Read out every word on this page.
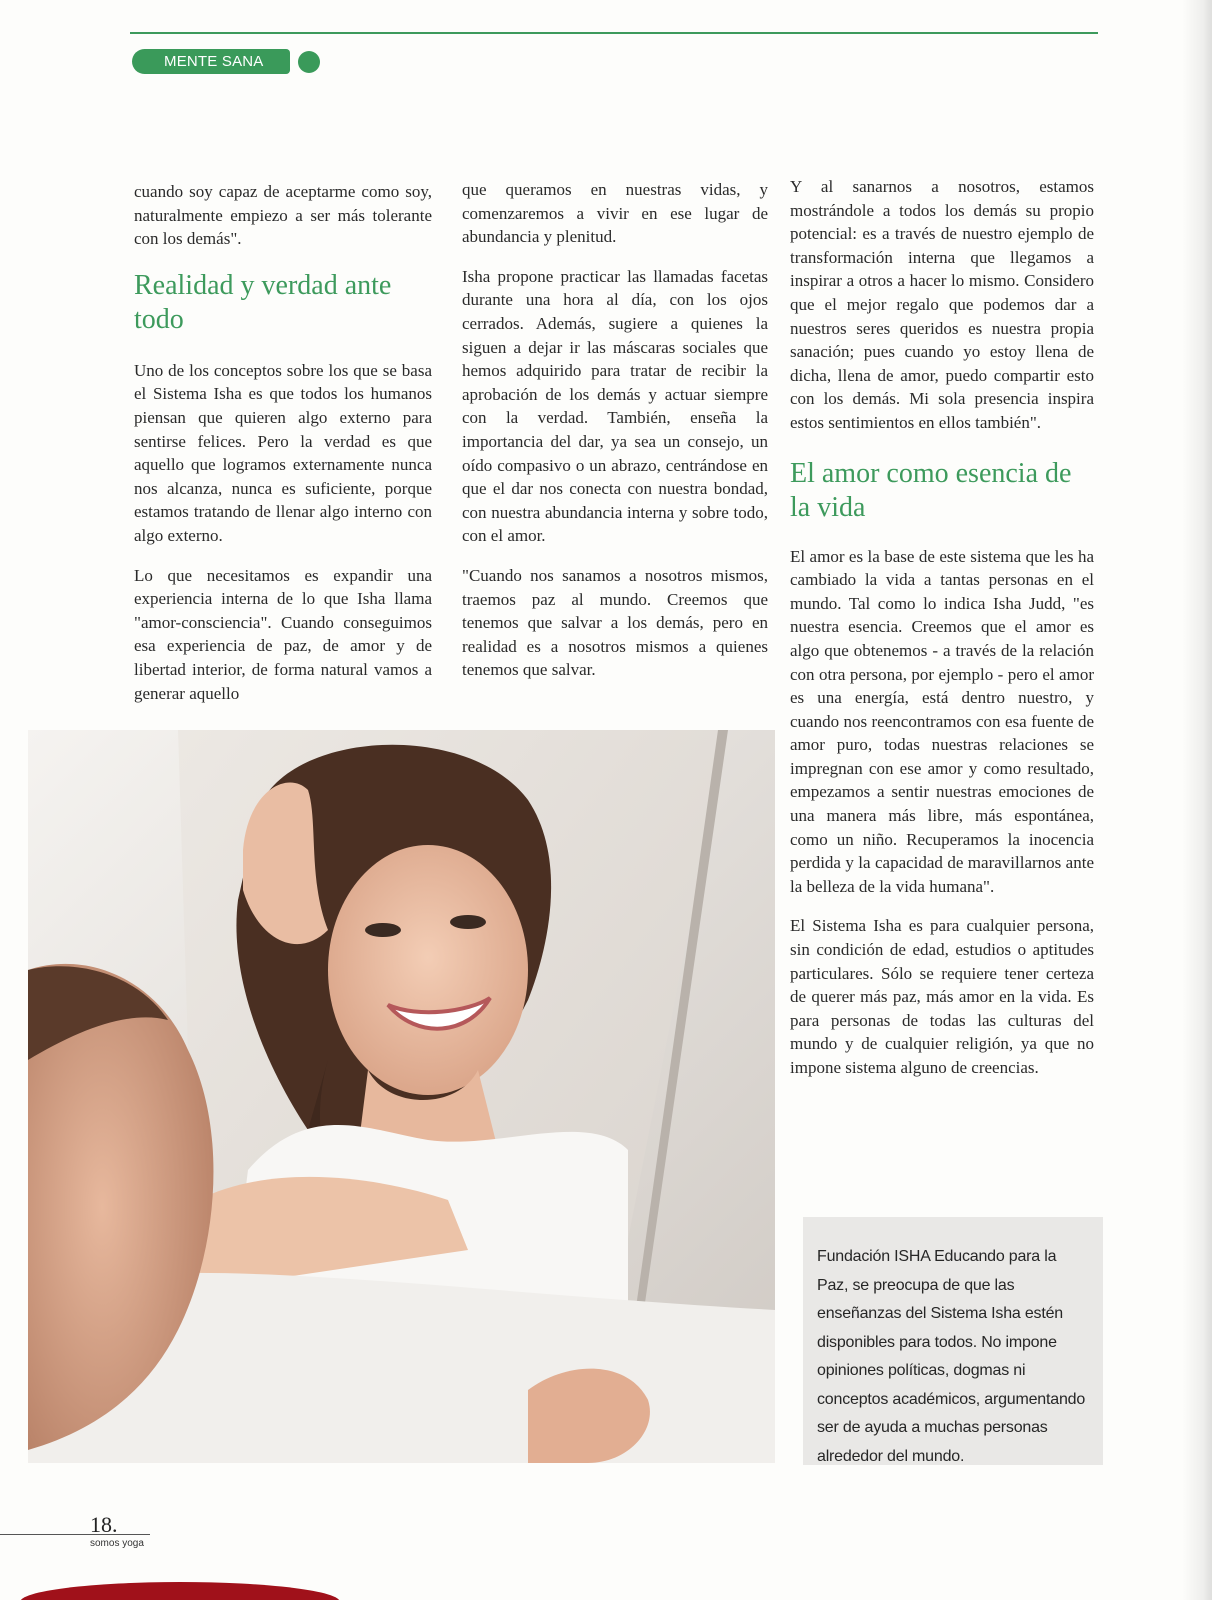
MENTE SANA

cuando soy capaz de aceptarme como soy, naturalmente empiezo a ser más tolerante con los demás".

Realidad y verdad ante todo

Uno de los conceptos sobre los que se basa el Sistema Isha es que todos los humanos piensan que quieren algo externo para sentirse felices. Pero la verdad es que aquello que logramos externamente nunca nos alcanza, nunca es suficiente, porque estamos tratando de llenar algo interno con algo externo.

Lo que necesitamos es expandir una experiencia interna de lo que Isha llama "amor-consciencia". Cuando conseguimos esa experiencia de paz, de amor y de libertad interior, de forma natural vamos a generar aquello

que queramos en nuestras vidas, y comenzaremos a vivir en ese lugar de abundancia y plenitud.

Isha propone practicar las llamadas facetas durante una hora al día, con los ojos cerrados. Además, sugiere a quienes la siguen a dejar ir las máscaras sociales que hemos adquirido para tratar de recibir la aprobación de los demás y actuar siempre con la verdad. También, enseña la importancia del dar, ya sea un consejo, un oído compasivo o un abrazo, centrándose en que el dar nos conecta con nuestra bondad, con nuestra abundancia interna y sobre todo, con el amor.

"Cuando nos sanamos a nosotros mismos, traemos paz al mundo. Creemos que tenemos que salvar a los demás, pero en realidad es a nosotros mismos a quienes tenemos que salvar.

Y al sanarnos a nosotros, estamos mostrándole a todos los demás su propio potencial: es a través de nuestro ejemplo de transformación interna que llegamos a inspirar a otros a hacer lo mismo. Considero que el mejor regalo que podemos dar a nuestros seres queridos es nuestra propia sanación; pues cuando yo estoy llena de dicha, llena de amor, puedo compartir esto con los demás. Mi sola presencia inspira estos sentimientos en ellos también".

El amor como esencia de la vida

El amor es la base de este sistema que les ha cambiado la vida a tantas personas en el mundo. Tal como lo indica Isha Judd, "es nuestra esencia. Creemos que el amor es algo que obtenemos - a través de la relación con otra persona, por ejemplo - pero el amor es una energía, está dentro nuestro, y cuando nos reencontramos con esa fuente de amor puro, todas nuestras relaciones se impregnan con ese amor y como resultado, empezamos a sentir nuestras emociones de una manera más libre, más espontánea, como un niño. Recuperamos la inocencia perdida y la capacidad de maravillarnos ante la belleza de la vida humana".

El Sistema Isha es para cualquier persona, sin condición de edad, estudios o aptitudes particulares. Sólo se requiere tener certeza de querer más paz, más amor en la vida. Es para personas de todas las culturas del mundo y de cualquier religión, ya que no impone sistema alguno de creencias.

Fundación ISHA Educando para la Paz, se preocupa de que las enseñanzas del Sistema Isha estén disponibles para todos. No impone opiniones políticas, dogmas ni conceptos académicos, argumentando ser de ayuda a muchas personas alrededor del mundo.
18.
somos yoga
